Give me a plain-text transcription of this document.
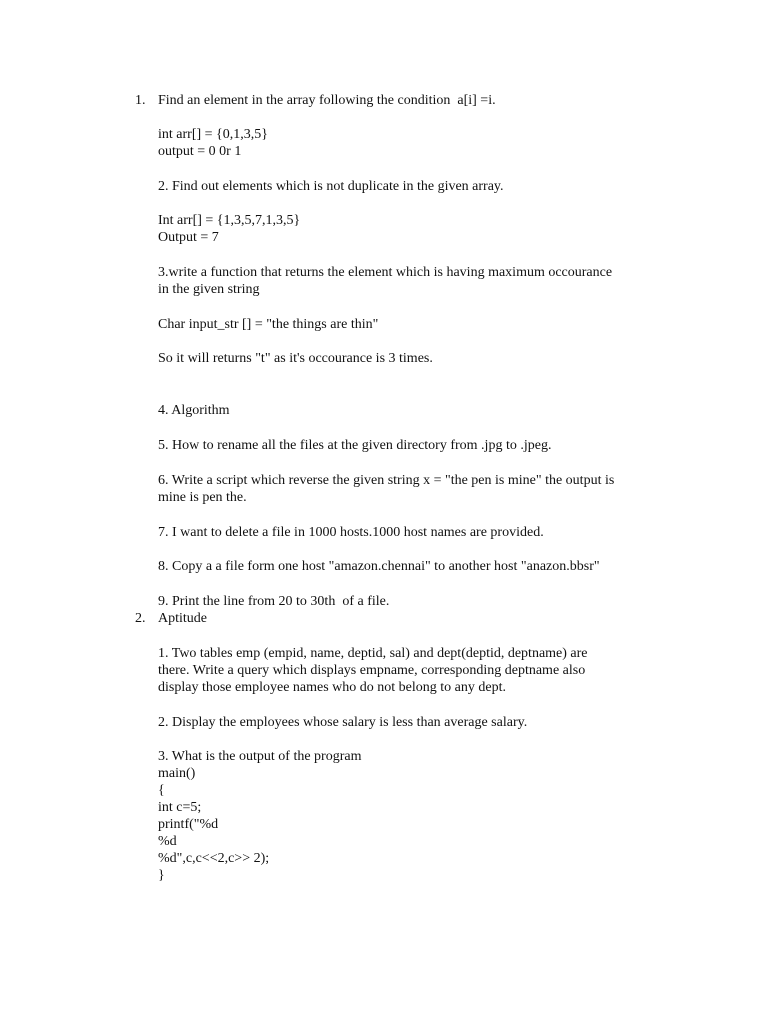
1. Find an element in the array following the condition  a[i] =i.
int arr[] = {0,1,3,5}
output = 0 0r 1
2. Find out elements which is not duplicate in the given array.
Int arr[] = {1,3,5,7,1,3,5}
Output = 7
3.write a function that returns the element which is having maximum occourance
in the given string
Char input_str [] = "the things are thin"
So it will returns "t" as it's occourance is 3 times.
4. Algorithm
5. How to rename all the files at the given directory from .jpg to .jpeg.
6. Write a script which reverse the given string x = "the pen is mine" the output is
mine is pen the.
7. I want to delete a file in 1000 hosts.1000 host names are provided.
8. Copy a a file form one host "amazon.chennai" to another host "anazon.bbsr"
9. Print the line from 20 to 30th  of a file.
2. Aptitude
1. Two tables emp (empid, name, deptid, sal) and dept(deptid, deptname) are
there. Write a query which displays empname, corresponding deptname also
display those employee names who do not belong to any dept.
2. Display the employees whose salary is less than average salary.
3. What is the output of the program
main()
{
int c=5;
printf("%d
%d
%d",c,c<<2,c>> 2);
}
